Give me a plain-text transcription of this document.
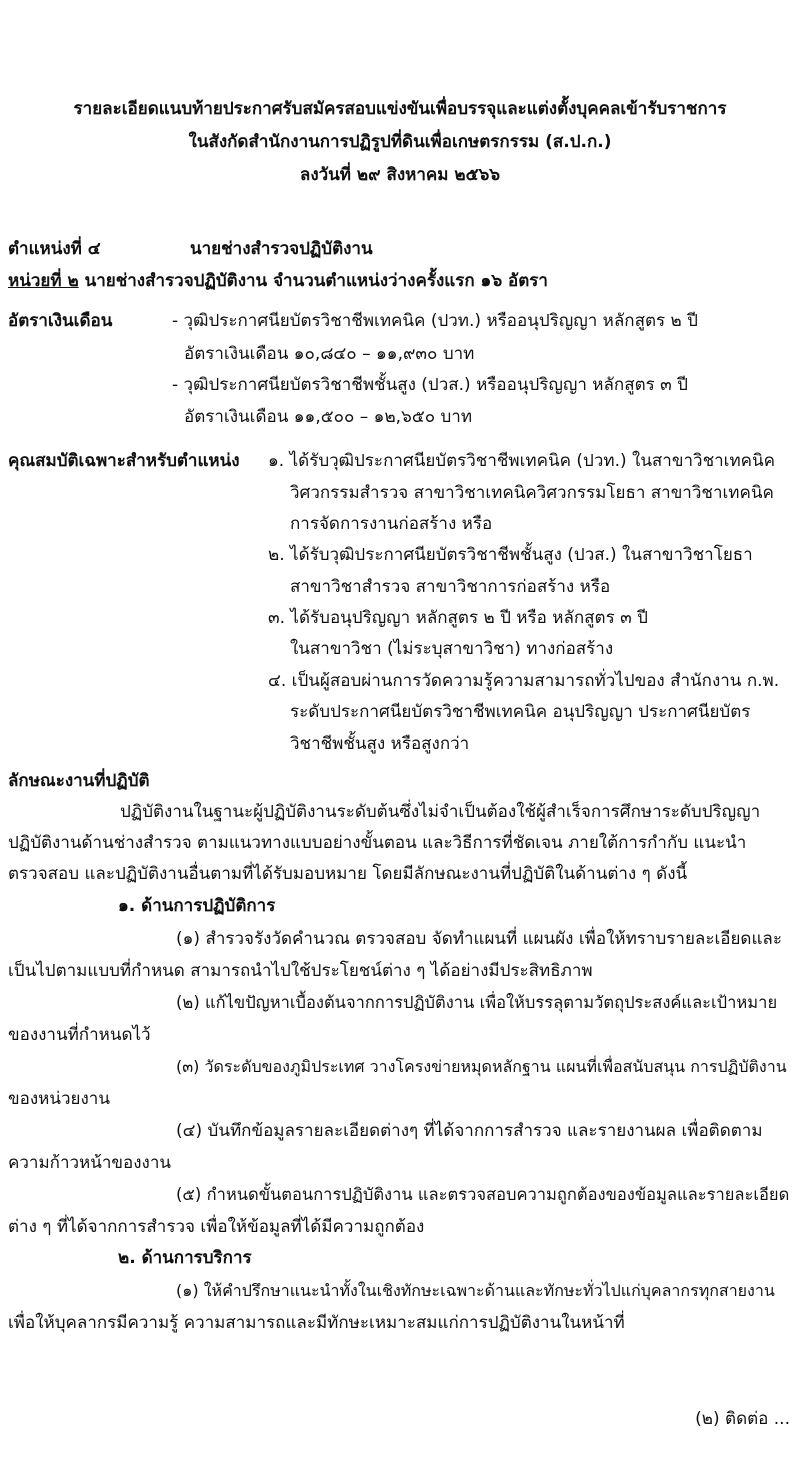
รายละเอียดแนบท้ายประกาศรับสมัครสอบแข่งขันเพื่อบรรจุและแต่งตั้งบุคคลเข้ารับราชการ
ในสังกัดสำนักงานการปฏิรูปที่ดินเพื่อเกษตรกรรม (ส.ป.ก.)
ลงวันที่ ๒๙ สิงหาคม ๒๕๖๖
ตำแหน่งที่ ๔	นายช่างสำรวจปฏิบัติงาน
หน่วยที่ ๒ นายช่างสำรวจปฏิบัติงาน จำนวนตำแหน่งว่างครั้งแรก ๑๖ อัตรา
อัตราเงินเดือน	- วุฒิประกาศนียบัตรวิชาชีพเทคนิค (ปวท.) หรืออนุปริญญา หลักสูตร ๒ ปี
อัตราเงินเดือน ๑๐,๘๔๐ – ๑๑,๙๓๐ บาท
- วุฒิประกาศนียบัตรวิชาชีพชั้นสูง (ปวส.) หรืออนุปริญญา หลักสูตร ๓ ปี
อัตราเงินเดือน ๑๑,๕๐๐ – ๑๒,๖๕๐ บาท
คุณสมบัติเฉพาะสำหรับตำแหน่ง ๑. ได้รับวุฒิประกาศนียบัตรวิชาชีพเทคนิค (ปวท.) ในสาขาวิชาเทคนิค
วิศวกรรมสำรวจ สาขาวิชาเทคนิควิศวกรรมโยธา สาขาวิชาเทคนิค
การจัดการงานก่อสร้าง หรือ
๒. ได้รับวุฒิประกาศนียบัตรวิชาชีพชั้นสูง (ปวส.) ในสาขาวิชาโยธา
สาขาวิชาสำรวจ สาขาวิชาการก่อสร้าง หรือ
๓. ได้รับอนุปริญญา หลักสูตร ๒ ปี หรือ หลักสูตร ๓ ปี
ในสาขาวิชา (ไม่ระบุสาขาวิชา) ทางก่อสร้าง
๔. เป็นผู้สอบผ่านการวัดความรู้ความสามารถทั่วไปของ สำนักงาน ก.พ.
ระดับประกาศนียบัตรวิชาชีพเทคนิค อนุปริญญา ประกาศนียบัตร
วิชาชีพชั้นสูง หรือสูงกว่า
ลักษณะงานที่ปฏิบัติ
ปฏิบัติงานในฐานะผู้ปฏิบัติงานระดับต้นซึ่งไม่จำเป็นต้องใช้ผู้สำเร็จการศึกษาระดับปริญญา
ปฏิบัติงานด้านช่างสำรวจ ตามแนวทางแบบอย่างขั้นตอน และวิธีการที่ชัดเจน ภายใต้การกำกับ แนะนำ
ตรวจสอบ และปฏิบัติงานอื่นตามที่ได้รับมอบหมาย โดยมีลักษณะงานที่ปฏิบัติในด้านต่าง ๆ ดังนี้
๑. ด้านการปฏิบัติการ
(๑) สำรวจรังวัดคำนวณ ตรวจสอบ จัดทำแผนที่ แผนผัง เพื่อให้ทราบรายละเอียดและ
เป็นไปตามแบบที่กำหนด สามารถนำไปใช้ประโยชน์ต่าง ๆ ได้อย่างมีประสิทธิภาพ
(๒) แก้ไขปัญหาเบื้องต้นจากการปฏิบัติงาน เพื่อให้บรรลุตามวัตถุประสงค์และเป้าหมาย
ของงานที่กำหนดไว้
(๓) วัดระดับของภูมิประเทศ วางโครงข่ายหมุดหลักฐาน แผนที่เพื่อสนับสนุน การปฏิบัติงาน
ของหน่วยงาน
(๔) บันทึกข้อมูลรายละเอียดต่างๆ ที่ได้จากการสำรวจ และรายงานผล เพื่อติดตาม
ความก้าวหน้าของงาน
(๕) กำหนดขั้นตอนการปฏิบัติงาน และตรวจสอบความถูกต้องของข้อมูลและรายละเอียด
ต่าง ๆ ที่ได้จากการสำรวจ เพื่อให้ข้อมูลที่ได้มีความถูกต้อง
๒. ด้านการบริการ
(๑) ให้คำปรึกษาแนะนำทั้งในเชิงทักษะเฉพาะด้านและทักษะทั่วไปแก่บุคลากรทุกสายงาน
เพื่อให้บุคลากรมีความรู้ ความสามารถและมีทักษะเหมาะสมแก่การปฏิบัติงานในหน้าที่
(๒) ติดต่อ ...
